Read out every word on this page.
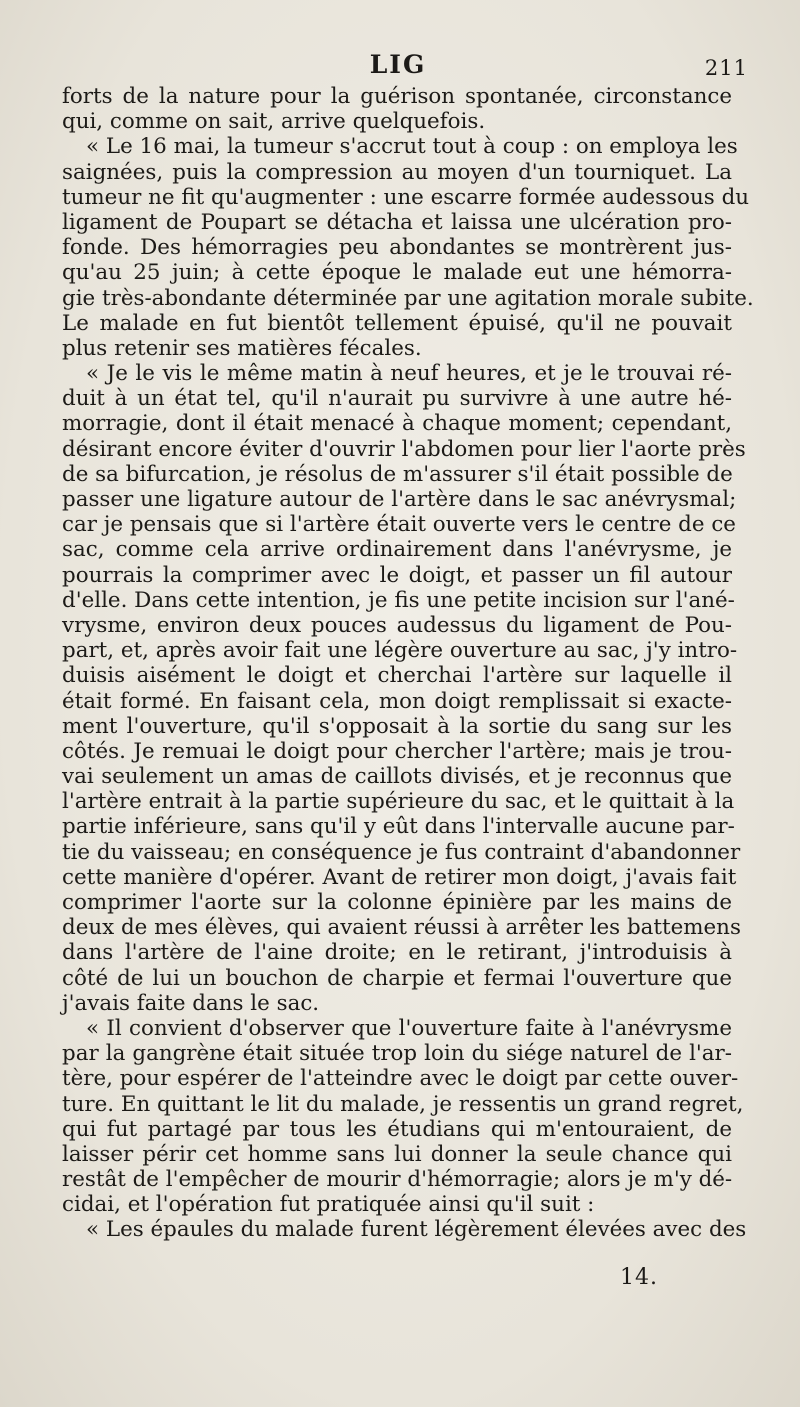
LIG	211
forts de la nature pour la guérison spontanée, circonstance
qui, comme on sait, arrive quelquefois.
« Le 16 mai, la tumeur s'accrut tout à coup : on employa les
saignées, puis la compression au moyen d'un tourniquet. La
tumeur ne fit qu'augmenter : une escarre formée audessous du
ligament de Poupart se détacha et laissa une ulcération pro-
fonde. Des hémorragies peu abondantes se montrèrent jus-
qu'au 25 juin; à cette époque le malade eut une hémorra-
gie très-abondante déterminée par une agitation morale subite.
Le malade en fut bientôt tellement épuisé, qu'il ne pouvait
plus retenir ses matières fécales.
« Je le vis le même matin à neuf heures, et je le trouvai ré-
duit à un état tel, qu'il n'aurait pu survivre à une autre hé-
morragie, dont il était menacé à chaque moment; cependant,
désirant encore éviter d'ouvrir l'abdomen pour lier l'aorte près
de sa bifurcation, je résolus de m'assurer s'il était possible de
passer une ligature autour de l'artère dans le sac anévrysmal;
car je pensais que si l'artère était ouverte vers le centre de ce
sac, comme cela arrive ordinairement dans l'anévrysme, je
pourrais la comprimer avec le doigt, et passer un fil autour
d'elle. Dans cette intention, je fis une petite incision sur l'ané-
vrysme, environ deux pouces audessus du ligament de Pou-
part, et, après avoir fait une légère ouverture au sac, j'y intro-
duisis aisément le doigt et cherchai l'artère sur laquelle il
était formé. En faisant cela, mon doigt remplissait si exacte-
ment l'ouverture, qu'il s'opposait à la sortie du sang sur les
côtés. Je remuai le doigt pour chercher l'artère; mais je trou-
vai seulement un amas de caillots divisés, et je reconnus que
l'artère entrait à la partie supérieure du sac, et le quittait à la
partie inférieure, sans qu'il y eût dans l'intervalle aucune par-
tie du vaisseau; en conséquence je fus contraint d'abandonner
cette manière d'opérer. Avant de retirer mon doigt, j'avais fait
comprimer l'aorte sur la colonne épinière par les mains de
deux de mes élèves, qui avaient réussi à arrêter les battemens
dans l'artère de l'aine droite; en le retirant, j'introduisis à
côté de lui un bouchon de charpie et fermai l'ouverture que
j'avais faite dans le sac.
« Il convient d'observer que l'ouverture faite à l'anévrysme
par la gangrène était située trop loin du siége naturel de l'ar-
tère, pour espérer de l'atteindre avec le doigt par cette ouver-
ture. En quittant le lit du malade, je ressentis un grand regret,
qui fut partagé par tous les étudians qui m'entouraient, de
laisser périr cet homme sans lui donner la seule chance qui
restât de l'empêcher de mourir d'hémorragie; alors je m'y dé-
cidai, et l'opération fut pratiquée ainsi qu'il suit :
« Les épaules du malade furent légèrement élevées avec des
14.
